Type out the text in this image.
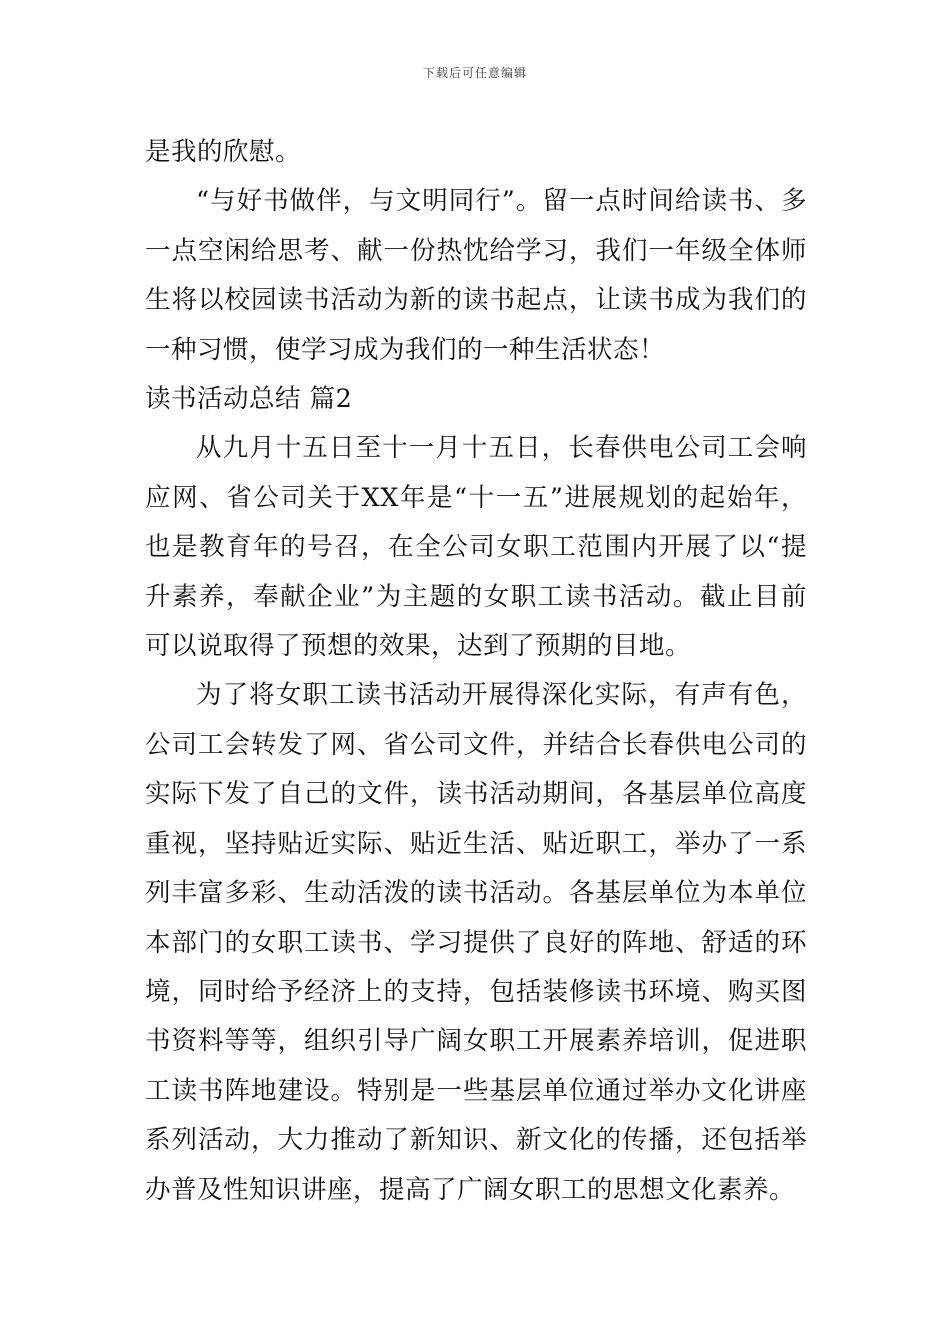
下载后可任意编辑

是我的欣慰。

“与好书做伴，与文明同行”。留一点时间给读书、多一点空闲给思考、献一份热忱给学习，我们一年级全体师生将以校园读书活动为新的读书起点，让读书成为我们的一种习惯，使学习成为我们的一种生活状态！

读书活动总结 篇2

从九月十五日至十一月十五日，长春供电公司工会响应网、省公司关于XX年是“十一五”进展规划的起始年，也是教育年的号召，在全公司女职工范围内开展了以“提升素养，奉献企业”为主题的女职工读书活动。截止目前可以说取得了预想的效果，达到了预期的目地。

为了将女职工读书活动开展得深化实际，有声有色，公司工会转发了网、省公司文件，并结合长春供电公司的实际下发了自己的文件，读书活动期间，各基层单位高度重视，坚持贴近实际、贴近生活、贴近职工，举办了一系列丰富多彩、生动活泼的读书活动。各基层单位为本单位本部门的女职工读书、学习提供了良好的阵地、舒适的环境，同时给予经济上的支持，包括装修读书环境、购买图书资料等等，组织引导广阔女职工开展素养培训，促进职工读书阵地建设。特别是一些基层单位通过举办文化讲座系列活动，大力推动了新知识、新文化的传播，还包括举办普及性知识讲座，提高了广阔女职工的思想文化素养。
